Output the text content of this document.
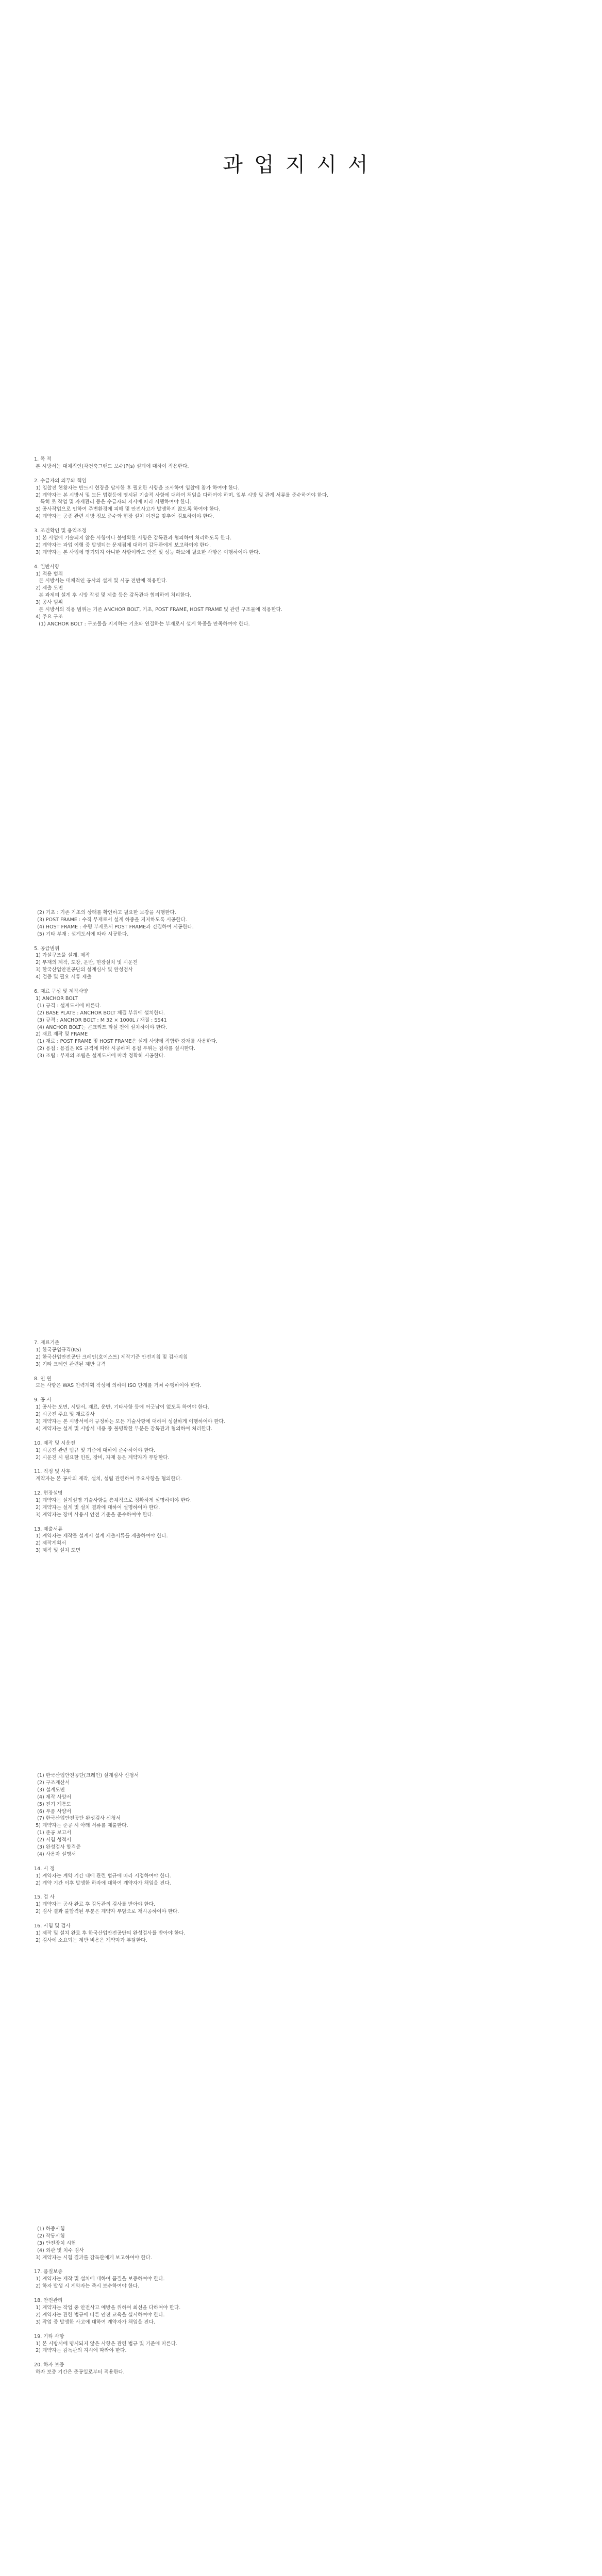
과업지시서

1. 목 적
본 시방서는 대체적인(각건축그랜드 보수)P(s) 설계에 대하여 적용한다.

2. 수급자의 의무와 책임
1) 입찰전 현황자는 반드시 현장을 답사한 후 필요한 사항을 조사하여 입찰에 참가 하여야 한다.
2) 계약자는 본 시방서 및 모든 법령등에 명시된 기술적 사항에 대하여 책임을 다하여야 하며, 일부 시방 및 관계 서류를 준수하여야 한다.
특히 로 작업 및 자재관리 등은 수급자의 지시에 따라 시행하여야 한다.
3) 공사작업으로 인하여 주변환경에 피해 및 안전사고가 발생하지 않도록 하여야 한다.
4) 계약자는 공종 관련 시방 정보 준수와 현장 설치 여건을 맞추어 검토하여야 한다.

3. 조건확인 및 용역조정
1) 본 사업에 기술되지 않은 사항이나 불명확한 사항은 감독관과 협의하여 처리하도록 한다.
2) 계약자는 과업 이행 중 발생되는 문제점에 대하여 감독관에게 보고하여야 한다.
3) 계약자는 본 사업에 명기되지 아니한 사항이라도 안전 및 성능 확보에 필요한 사항은 이행하여야 한다.

4. 일반사항
1) 적용 범위
본 시방서는 대체적인 공사의 설계 및 시공 전반에 적용한다.
2) 제출 도면
본 과제의 설계 후 시방 작성 및 제출 등은 감독관과 협의하여 처리한다.
3) 공사 범위
본 시방서의 적용 범위는 기존 ANCHOR BOLT, 기초, POST FRAME, HOST FRAME 및 관련 구조물에 적용한다.
4) 주요 구조
(1) ANCHOR BOLT : 구조물을 지지하는 기초와 연결하는 부재로서 설계 하중을 만족하여야 한다.

(2) 기초 : 기존 기초의 상태를 확인하고 필요한 보강을 시행한다.
(3) POST FRAME : 수직 부재로서 설계 하중을 지지하도록 시공한다.
(4) HOST FRAME : 수평 부재로서 POST FRAME과 긴결하여 시공한다.
(5) 기타 부재 : 설계도서에 따라 시공한다.

5. 공급범위
1) 가설구조물 설계, 제작
2) 부재의 제작, 도장, 운반, 현장설치 및 시운전
3) 한국산업안전공단의 설계심사 및 완성검사
4) 검증 및 필요 서류 제출

6. 재료 구성 및 제작사양
1) ANCHOR BOLT
(1) 규격 : 설계도서에 따른다.
(2) BASE PLATE : ANCHOR BOLT 체결 부위에 설치한다.
(3) 규격 : ANCHOR BOLT : M 32 × 1000L / 재질 : SS41
(4) ANCHOR BOLT는 콘크리트 타설 전에 설치하여야 한다.
2) 재료 제작 및 FRAME
(1) 재료 : POST FRAME 및 HOST FRAME은 설계 사양에 적합한 강재를 사용한다.
(2) 용접 : 용접은 KS 규격에 따라 시공하며 용접 부위는 검사를 실시한다.
(3) 조립 : 부재의 조립은 설계도서에 따라 정확히 시공한다.

7. 재료기준
1) 한국공업규격(KS)
2) 한국산업안전공단 크레인(호이스트) 제작기준 안전지침 및 검사지침
3) 기타 크레인 관련된 제반 규격

8. 인 원
모든 사항은 WAS 인력계획 작성에 의하여 ISO 단계를 거쳐 수행하여야 한다.

9. 공 사
1) 공사는 도면, 시방서, 재료, 운반, 기타사항 등에 어긋남이 없도록 하여야 한다.
2) 시공전 주요 및 재료검사
3) 계약자는 본 시방서에서 규정하는 모든 기술사항에 대하여 성실하게 이행하여야 한다.
4) 계약자는 설계 및 시방서 내용 중 불명확한 부분은 감독관과 협의하여 처리한다.

10. 제작 및 시운전
1) 시공전 관련 법규 및 기준에 대하여 준수하여야 한다.
2) 시운전 시 필요한 인원, 장비, 자재 등은 계약자가 부담한다.

11. 적정 및 사후
계약자는 본 공사의 제작, 설치, 설립 관련하여 주요사항을 협의한다.

12. 현장설명
1) 계약자는 설계설명 기술사항을 총체적으로 정확하게 설명하여야 한다.
2) 계약자는 설계 및 설치 결과에 대하여 설명하여야 한다.
3) 계약자는 장비 사용시 안전 기준을 준수하여야 한다.

13. 제출서류
1) 계약자는 제작물 설계시 설계 제출서류를 제출하여야 한다.
2) 제작계획서
3) 제작 및 설치 도면

(1) 한국산업안전공단(크레인) 설계심사 신청서
(2) 구조계산서
(3) 설계도면
(4) 제작 사양서
(5) 전기 계통도
(6) 부품 사양서
(7) 한국산업안전공단 완성검사 신청서
5) 계약자는 준공 시 아래 서류를 제출한다.
(1) 준공 보고서
(2) 시험 성적서
(3) 완성검사 합격증
(4) 사용자 설명서

14. 시 정
1) 계약자는 계약 기간 내에 관련 법규에 따라 시정하여야 한다.
2) 계약 기간 이후 발생한 하자에 대하여 계약자가 책임을 진다.

15. 검 사
1) 계약자는 공사 완료 후 감독관의 검사를 받아야 한다.
2) 검사 결과 불합격된 부분은 계약자 부담으로 재시공하여야 한다.

16. 시험 및 검사
1) 제작 및 설치 완료 후 한국산업안전공단의 완성검사를 받아야 한다.
2) 검사에 소요되는 제반 비용은 계약자가 부담한다.

(1) 하중시험
(2) 작동시험
(3) 안전장치 시험
(4) 외관 및 치수 검사
3) 계약자는 시험 결과를 감독관에게 보고하여야 한다.

17. 품질보증
1) 계약자는 제작 및 설치에 대하여 품질을 보증하여야 한다.
2) 하자 발생 시 계약자는 즉시 보수하여야 한다.

18. 안전관리
1) 계약자는 작업 중 안전사고 예방을 위하여 최선을 다하여야 한다.
2) 계약자는 관련 법규에 따른 안전 교육을 실시하여야 한다.
3) 작업 중 발생한 사고에 대하여 계약자가 책임을 진다.

19. 기타 사항
1) 본 시방서에 명시되지 않은 사항은 관련 법규 및 기준에 따른다.
2) 계약자는 감독관의 지시에 따라야 한다.

20. 하자 보증
하자 보증 기간은 준공일로부터 적용한다.
